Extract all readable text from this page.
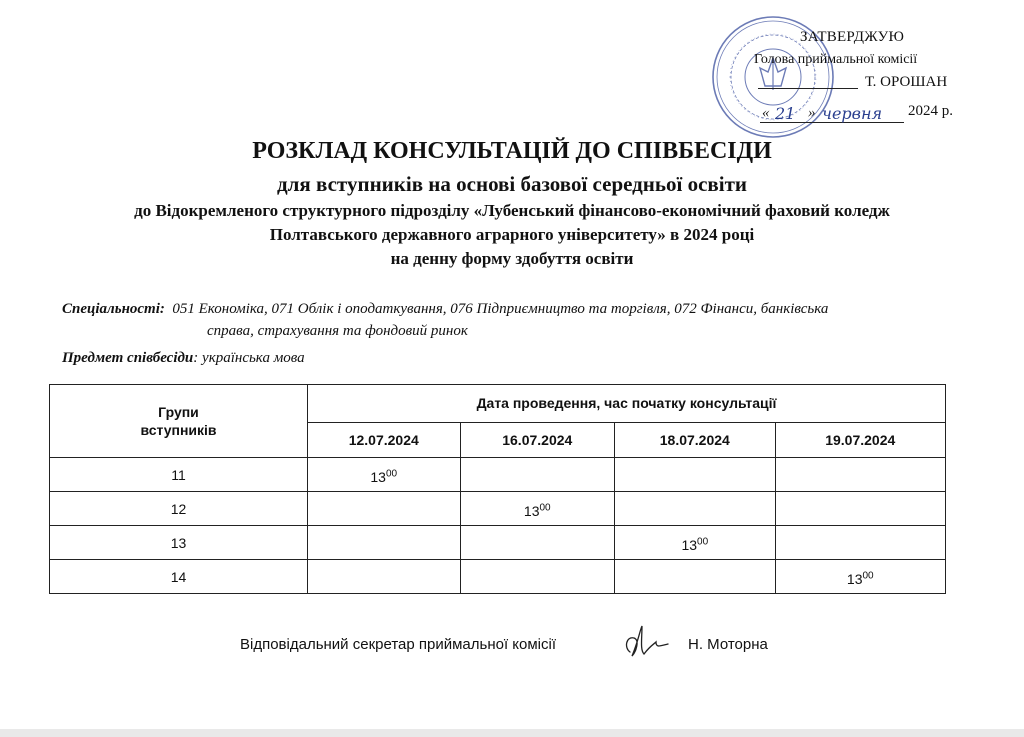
ЗАТВЕРДЖУЮ
Голова приймальної комісії
Т. ОРОШАН
« 21 » червня 2024 р.
РОЗКЛАД КОНСУЛЬТАЦІЙ ДО СПІВБЕСІДИ
для вступників на основі базової середньої освіти
до Відокремленого структурного підрозділу «Лубенський фінансово-економічний фаховий коледж
Полтавського державного аграрного університету» в 2024 році
на денну форму здобуття освіти
Спеціальності: 051 Економіка, 071 Облік і оподаткування, 076 Підприємництво та торгівля, 072 Фінанси, банківська
справа, страхування та фондовий ринок
Предмет співбесіди: українська мова
Групи
вступників	Дата проведення, час початку консультації			
	12.07.2024	16.07.2024	18.07.2024	19.07.2024
11	$13^{00}$			
12		$13^{00}$		
13			$13^{00}$	
14				$13^{00}$
Відповідальний секретар приймальної комісії	Н. Моторна
